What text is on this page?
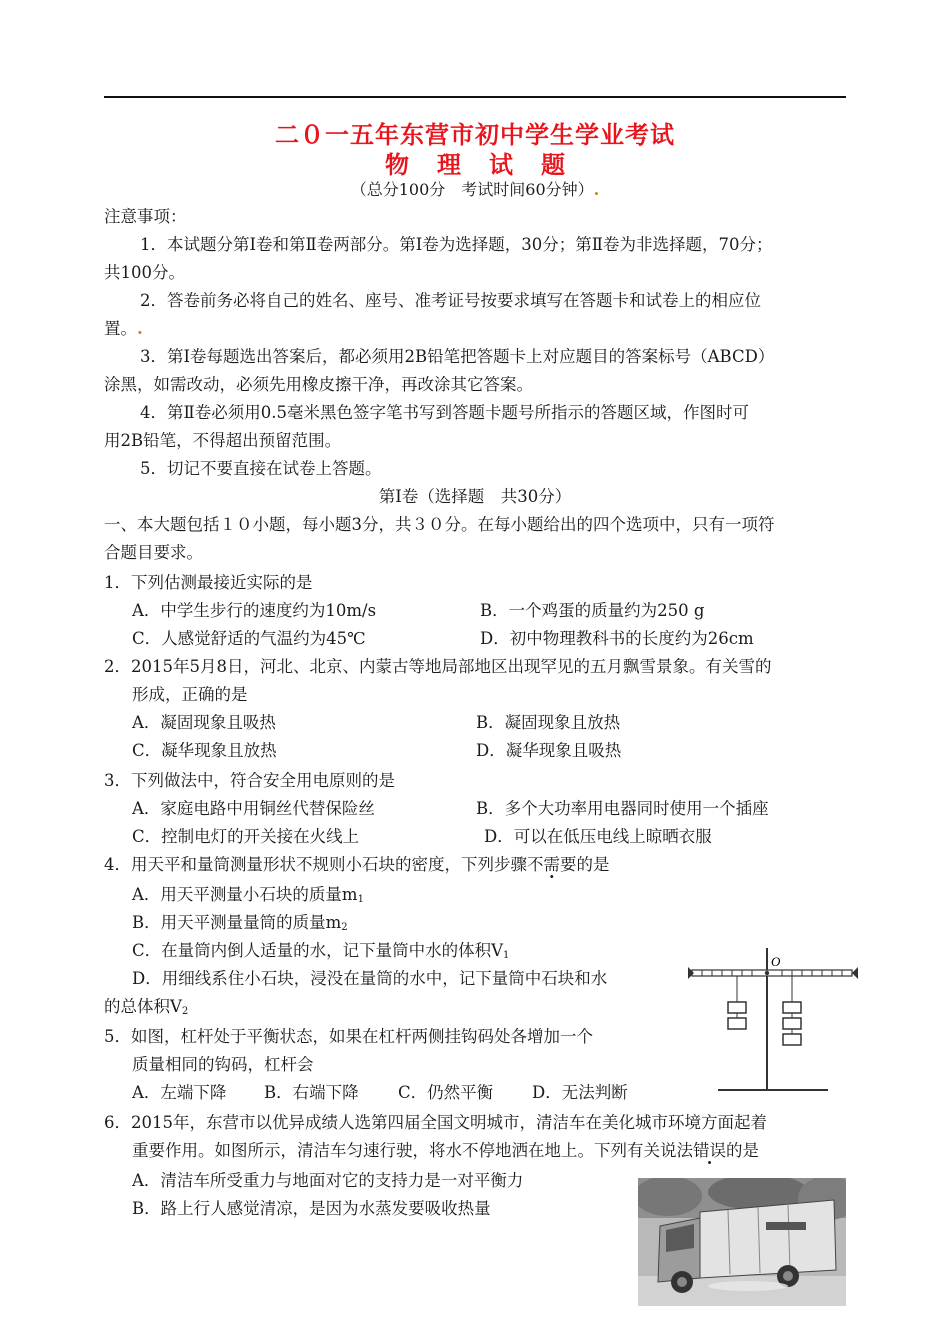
二０一五年东营市初中学生学业考试
物 理 试 题
（总分100分　考试时间60分钟）.
注意事项：
1．本试题分第Ⅰ卷和第Ⅱ卷两部分。第Ⅰ卷为选择题，30分；第Ⅱ卷为非选择题，70分；
共100分。
2．答卷前务必将自己的姓名、座号、准考证号按要求填写在答题卡和试卷上的相应位
置。.
3．第Ⅰ卷每题选出答案后，都必须用2B铅笔把答题卡上对应题目的答案标号（ABCD）
涂黑，如需改动，必须先用橡皮擦干净，再改涂其它答案。
4．第Ⅱ卷必须用0.5毫米黑色签字笔书写到答题卡题号所指示的答题区域，作图时可
用2B铅笔，不得超出预留范围。
5．切记不要直接在试卷上答题。
第Ⅰ卷（选择题　共30分）
一、本大题包括１０小题，每小题3分，共３０分。在每小题给出的四个选项中，只有一项符
合题目要求。
1．下列估测最接近实际的是
A．中学生步行的速度约为10m/s	B．一个鸡蛋的质量约为250 g
C．人感觉舒适的气温约为45℃	D．初中物理教科书的长度约为26cm
2．2015年5月8日，河北、北京、内蒙古等地局部地区出现罕见的五月飘雪景象。有关雪的
形成，正确的是
A．凝固现象且吸热	B．凝固现象且放热
C．凝华现象且放热	D．凝华现象且吸热
3．下列做法中，符合安全用电原则的是
A．家庭电路中用铜丝代替保险丝	B．多个大功率用电器同时使用一个插座
C．控制电灯的开关接在火线上	D．可以在低压电线上晾晒衣服
4．用天平和量筒测量形状不规则小石块的密度，下列步骤不需要的是
A．用天平测量小石块的质量$m_1$
B．用天平测量量筒的质量$m_2$
C．在量筒内倒人适量的水，记下量筒中水的体积$V_1$
D．用细线系住小石块，浸没在量筒的水中，记下量筒中石块和水
的总体积$V_2$
5．如图，杠杆处于平衡状态，如果在杠杆两侧挂钩码处各增加一个
质量相同的钩码，杠杆会
A．左端下降 B．右端下降 C．仍然平衡 D．无法判断
O
6．2015年，东营市以优异成绩人选第四届全国文明城市，清洁车在美化城市环境方面起着
重要作用。如图所示，清洁车匀速行驶，将水不停地洒在地上。下列有关说法错误的是
A．清洁车所受重力与地面对它的支持力是一对平衡力
B．路上行人感觉清凉，是因为水蒸发要吸收热量
